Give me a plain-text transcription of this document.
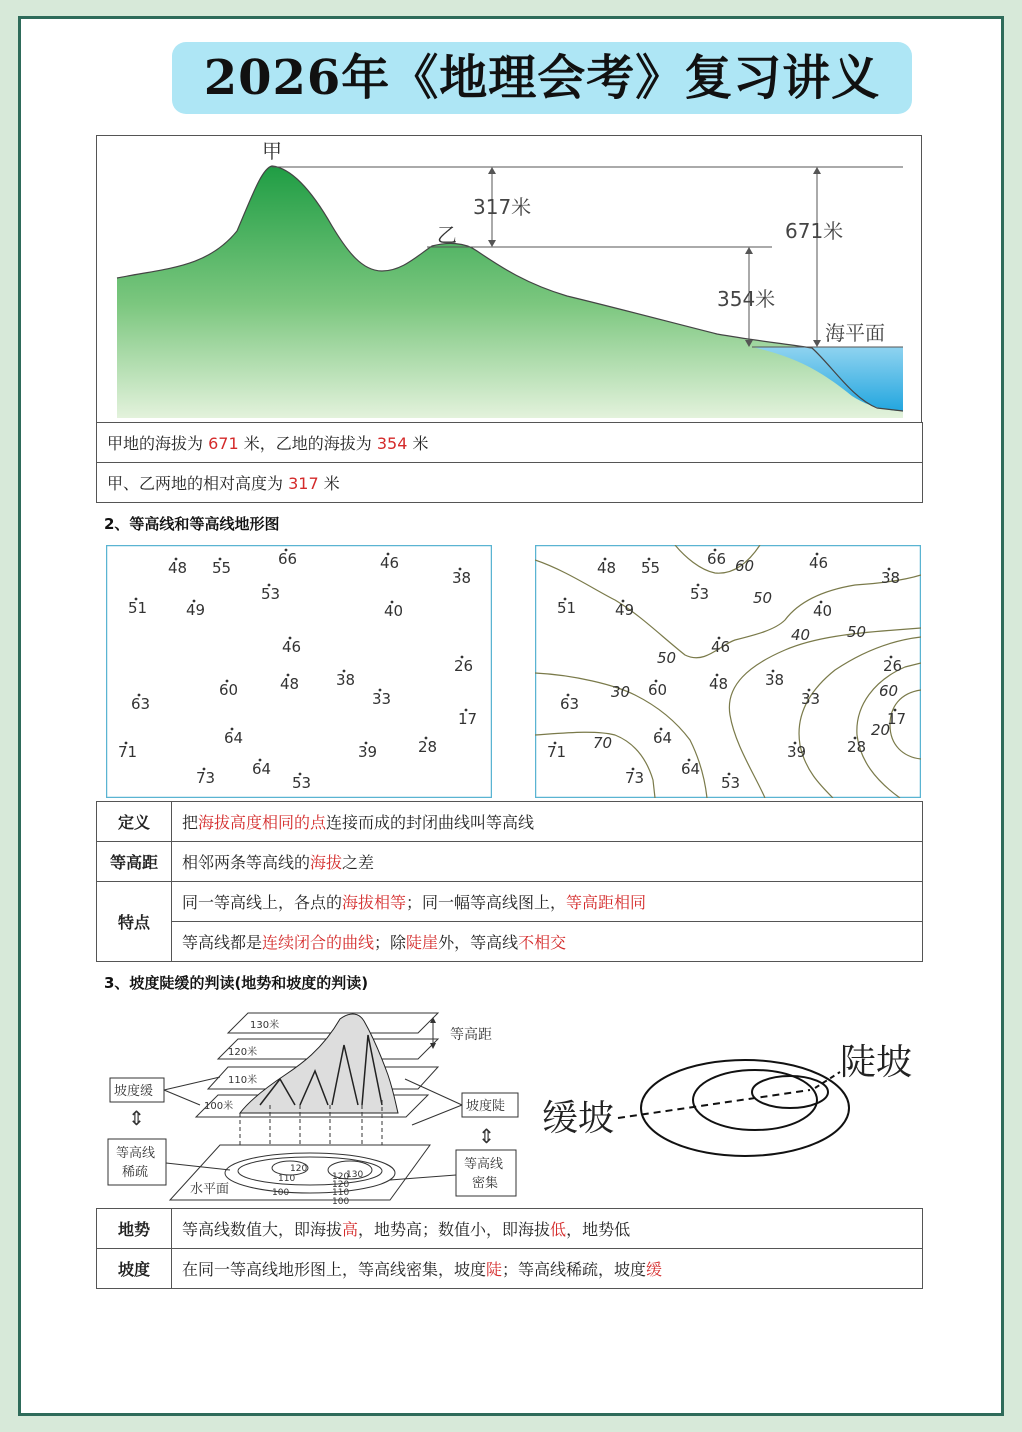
2026年《地理会考》复习讲义
甲
乙
317米
671米
354米
海平面
甲地的海拔为 671 米，乙地的海拔为 354 米
甲、乙两地的相对高度为 317 米
2、等高线和等高线地形图
48 55	66	46
38
51	49
53
40
46
26
60	48 38
63	33
17
64
71	39	28
73 64
53
60
50
50
40 50
30
20
60
70
48 55	66	46
38
51	49
53
40
46
26
60	48 38
63	33
17
64
71	39	28
73 64
53
定义	把海拔高度相同的点连接而成的封闭曲线叫等高线
等高距	相邻两条等高线的海拔之差
特点	同一等高线上，各点的海拔相等；同一幅等高线图上，等高距相同
	等高线都是连续闭合的曲线；除陡崖外，等高线不相交
3、坡度陡缓的判读(地势和坡度的判读)
130米
120米
110米
100米
120
110
100
120
130
120
110
100
等高距
坡度缓
⇕
等高线
稀疏
坡度陡
⇕
等高线
密集
水平面
陡坡
缓坡
地势	等高线数值大，即海拔高，地势高；数值小，即海拔低，地势低
坡度	在同一等高线地形图上，等高线密集，坡度陡；等高线稀疏，坡度缓
